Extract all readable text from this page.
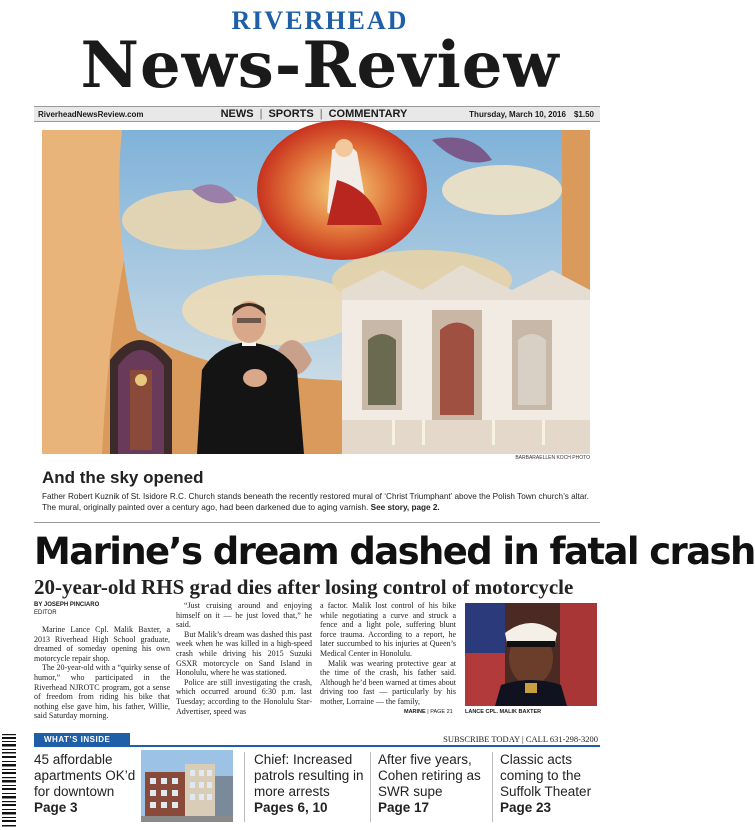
RIVERHEAD
News-Review
RiverheadNewsReview.com	NEWS | SPORTS | COMMENTARY	Thursday, March 10, 2016 $1.50
BARBARAELLEN KOCH PHOTO
And the sky opened

Father Robert Kuznik of St. Isidore R.C. Church stands beneath the recently restored mural of ‘Christ Triumphant’ above the Polish Town church’s altar. The mural, originally painted over a century ago, had been darkened due to aging varnish. See story, page 2.

Marine’s dream dashed in fatal crash
20-year-old RHS grad dies after losing control of motorcycle
BY JOSEPH PINCIARO
EDITOR

Marine Lance Cpl. Malik Baxter, a 2013 Riverhead High School graduate, dreamed of someday opening his own motorcycle repair shop.

The 20-year-old with a “quirky sense of humor,” who participated in the Riverhead NJROTC program, got a sense of freedom from riding his bike that nothing else gave him, his father, Willie, said Saturday morning.

“Just cruising around and enjoying himself on it — he just loved that,” he said.

But Malik’s dream was dashed this past week when he was killed in a high-speed crash while driving his 2015 Suzuki GSXR motorcycle on Sand Island in Honolulu, where he was stationed.

Police are still investigating the crash, which occurred around 6:30 p.m. last Tuesday; according to the Honolulu Star-Advertiser, speed was

a factor. Malik lost control of his bike while negotiating a curve and struck a fence and a light pole, suffering blunt force trauma. According to a report, he later succumbed to his injuries at Queen’s Medical Center in Honolulu.

Malik was wearing protective gear at the time of the crash, his father said. Although he’d been warned at times about driving too fast — particularly by his mother, Lorraine — the family,

MARINE | PAGE 21 LANCE CPL. MALIK BAXTER
WHAT’S INSIDE	SUBSCRIBE TODAY | CALL 631-298-3200
45 affordable apartments OK’d for downtown
Page 3
Chief: Increased patrols resulting in more arrests
Pages 6, 10
After five years, Cohen retiring as SWR supe
Page 17
Classic acts coming to the Suffolk Theater
Page 23
